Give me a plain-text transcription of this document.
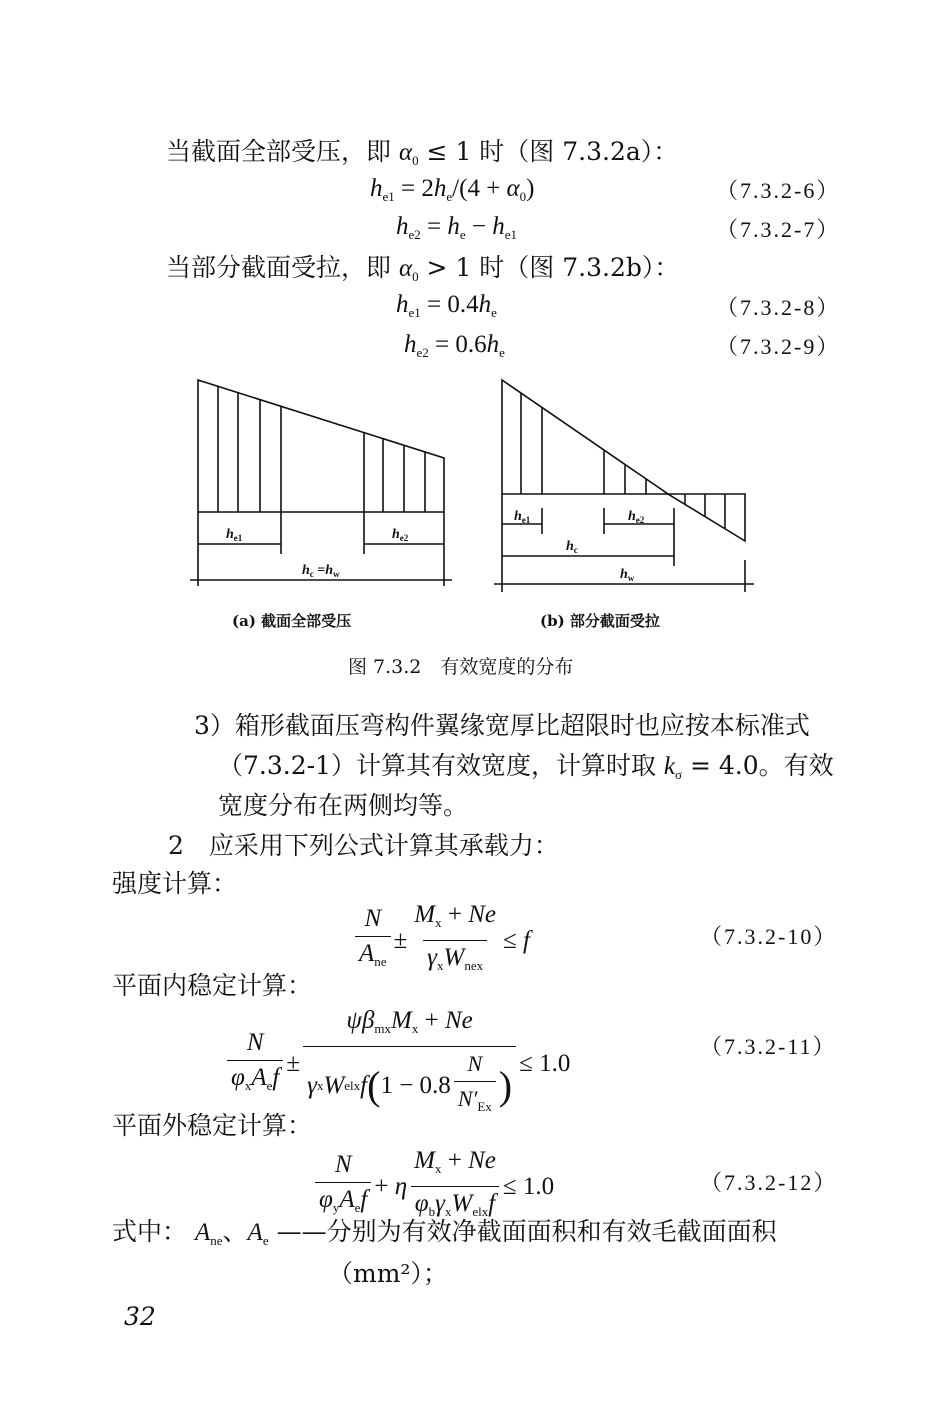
当截面全部受压，即 $\alpha_0 \le 1$ 时（图 7.3.2a）：
$h_{e1} = 2h_e/(4 + \alpha_0)$	（7.3.2-6）
$h_{e2} = h_e - h_{e1}$	（7.3.2-7）
当部分截面受拉，即 $\alpha_0 > 1$ 时（图 7.3.2b）：
$h_{e1} = 0.4h_e$	（7.3.2-8）
$h_{e2} = 0.6h_e$	（7.3.2-9）
$h_{e1}$	$h_{e2}$
$h_c =h_w$
$h_{e1}$	$h_{e2}$
$h_c$
$h_w$
(a) 截面全部受压	(b) 部分截面受拉
图 7.3.2　有效宽度的分布
3）箱形截面压弯构件翼缘宽厚比超限时也应按本标准式
（7.3.2-1）计算其有效宽度，计算时取 $k_\sigma = 4.0$。有效
宽度分布在两侧均等。
2　应采用下列公式计算其承载力：
强度计算：
$\frac{N}{A_{ne}} \pm \frac{M_x + Ne}{\gamma_xW_{nex}} \le f$	（7.3.2-10）
平面内稳定计算：
$\frac{N}{\varphi_xA_ef} \pm \frac{\psi\beta_{mx}M_x + Ne}{\gamma x W elx f ( 1 - 0.8 \frac{N}{N'_{Ex}} )} \le 1.0$
（7.3.2-11）
平面外稳定计算：
$\frac{N}{\varphi_yA_ef} + \eta \frac{M_x + Ne}{\varphi_b\gamma_xW_{elx}f} \le 1.0$	（7.3.2-12）
式中： $A_{ne}$、$A_e$ ——分别为有效净截面面积和有效毛截面面积
（mm²）；
32
